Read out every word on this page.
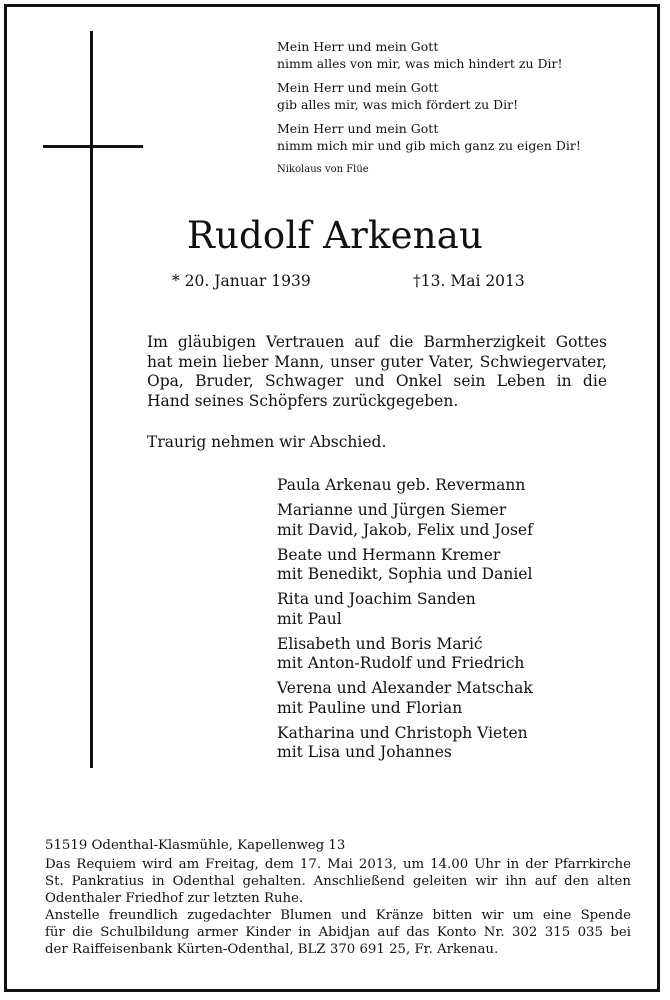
Mein Herr und mein Gott
nimm alles von mir, was mich hindert zu Dir!
Mein Herr und mein Gott
gib alles mir, was mich fördert zu Dir!
Mein Herr und mein Gott
nimm mich mir und gib mich ganz zu eigen Dir!
Nikolaus von Flüe
Rudolf Arkenau
* 20. Januar 1939	†13. Mai 2013
Im gläubigen Vertrauen auf die Barmherzigkeit Gottes
hat mein lieber Mann, unser guter Vater, Schwiegervater,
Opa, Bruder, Schwager und Onkel sein Leben in die
Hand seines Schöpfers zurückgegeben.
Traurig nehmen wir Abschied.
Paula Arkenau geb. Revermann
Marianne und Jürgen Siemer
mit David, Jakob, Felix und Josef
Beate und Hermann Kremer
mit Benedikt, Sophia und Daniel
Rita und Joachim Sanden
mit Paul
Elisabeth und Boris Marić
mit Anton-Rudolf und Friedrich
Verena und Alexander Matschak
mit Pauline und Florian
Katharina und Christoph Vieten
mit Lisa und Johannes
51519 Odenthal-Klasmühle, Kapellenweg 13
Das Requiem wird am Freitag, dem 17. Mai 2013, um 14.00 Uhr in der Pfarrkirche
St. Pankratius in Odenthal gehalten. Anschließend geleiten wir ihn auf den alten
Odenthaler Friedhof zur letzten Ruhe.
Anstelle freundlich zugedachter Blumen und Kränze bitten wir um eine Spende
für die Schulbildung armer Kinder in Abidjan auf das Konto Nr. 302 315 035 bei
der Raiffeisenbank Kürten-Odenthal, BLZ 370 691 25, Fr. Arkenau.
